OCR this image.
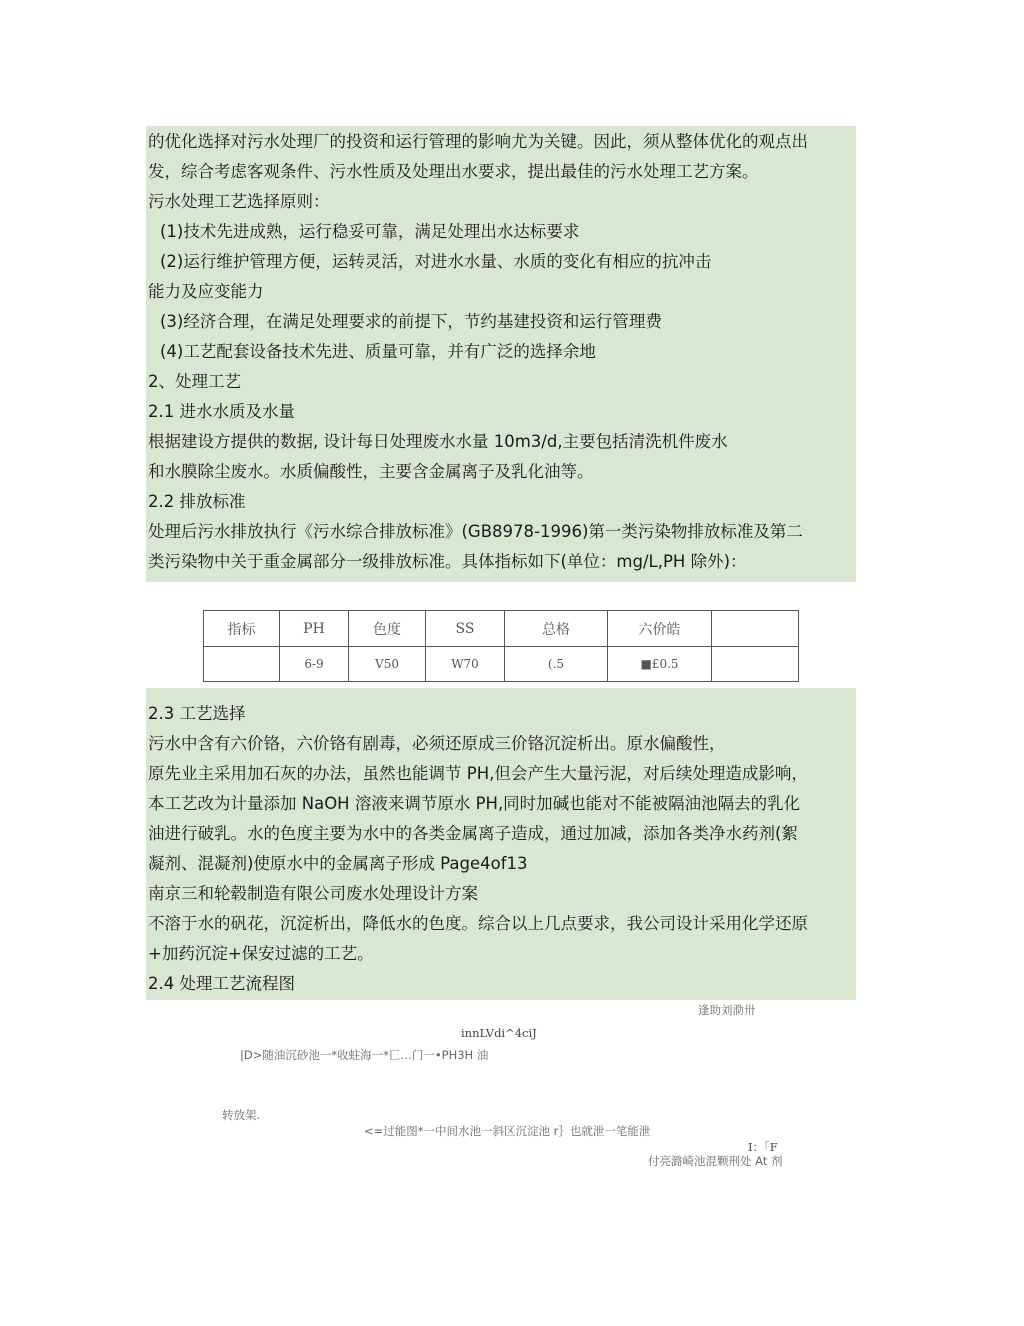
的优化选择对污水处理厂的投资和运行管理的影响尤为关键。因此，须从整体优化的观点出
发，综合考虑客观条件、污水性质及处理出水要求，提出最佳的污水处理工艺方案。
污水处理工艺选择原则：
(1)技术先进成熟，运行稳妥可靠，满足处理出水达标要求
(2)运行维护管理方便，运转灵活，对进水水量、水质的变化有相应的抗冲击
能力及应变能力
(3)经济合理，在满足处理要求的前提下，节约基建投资和运行管理费
(4)工艺配套设备技术先进、质量可靠，并有广泛的选择余地
2、处理工艺
2.1 进水水质及水量
根据建设方提供的数据, 设计每日处理废水水量 10m3/d,主要包括清洗机件废水
和水膜除尘废水。水质偏酸性，主要含金属离子及乳化油等。
2.2 排放标准
处理后污水排放执行《污水综合排放标准》(GB8978-1996)第一类污染物排放标准及第二
类污染物中关于重金属部分一级排放标准。具体指标如下(单位：mg/L,PH 除外)：
指标	PH	色度	SS	总格	六价皓	
	6-9	V50	W70	(.5	■£0.5	
2.3 工艺选择
污水中含有六价铬，六价铬有剧毒，必须还原成三价铬沉淀析出。原水偏酸性，
原先业主采用加石灰的办法，虽然也能调节 PH,但会产生大量污泥，对后续处理造成影响，
本工艺改为计量添加 NaOH 溶液来调节原水 PH,同时加碱也能对不能被隔油池隔去的乳化
油进行破乳。水的色度主要为水中的各类金属离子造成，通过加减，添加各类净水药剂(絮
凝剂、混凝剂)使原水中的金属离子形成 Page4of13
南京三和轮毂制造有限公司废水处理设计方案
不溶于水的矾花，沉淀析出，降低水的色度。综合以上几点要求，我公司设计采用化学还原
+加药沉淀+保安过滤的工艺。
2.4 处理工艺流程图
逢助刘泐卅
innLVdi^4ciJ
|D>随油沉砂池一*收蛀海一*匸…门一•PH3H 油
转放架.
<=过能图*一中间水池一斜区沉淀池 r｝也就泄一笔能泄
I：「F
付亮潞崎池混颗刑处 At 剂
